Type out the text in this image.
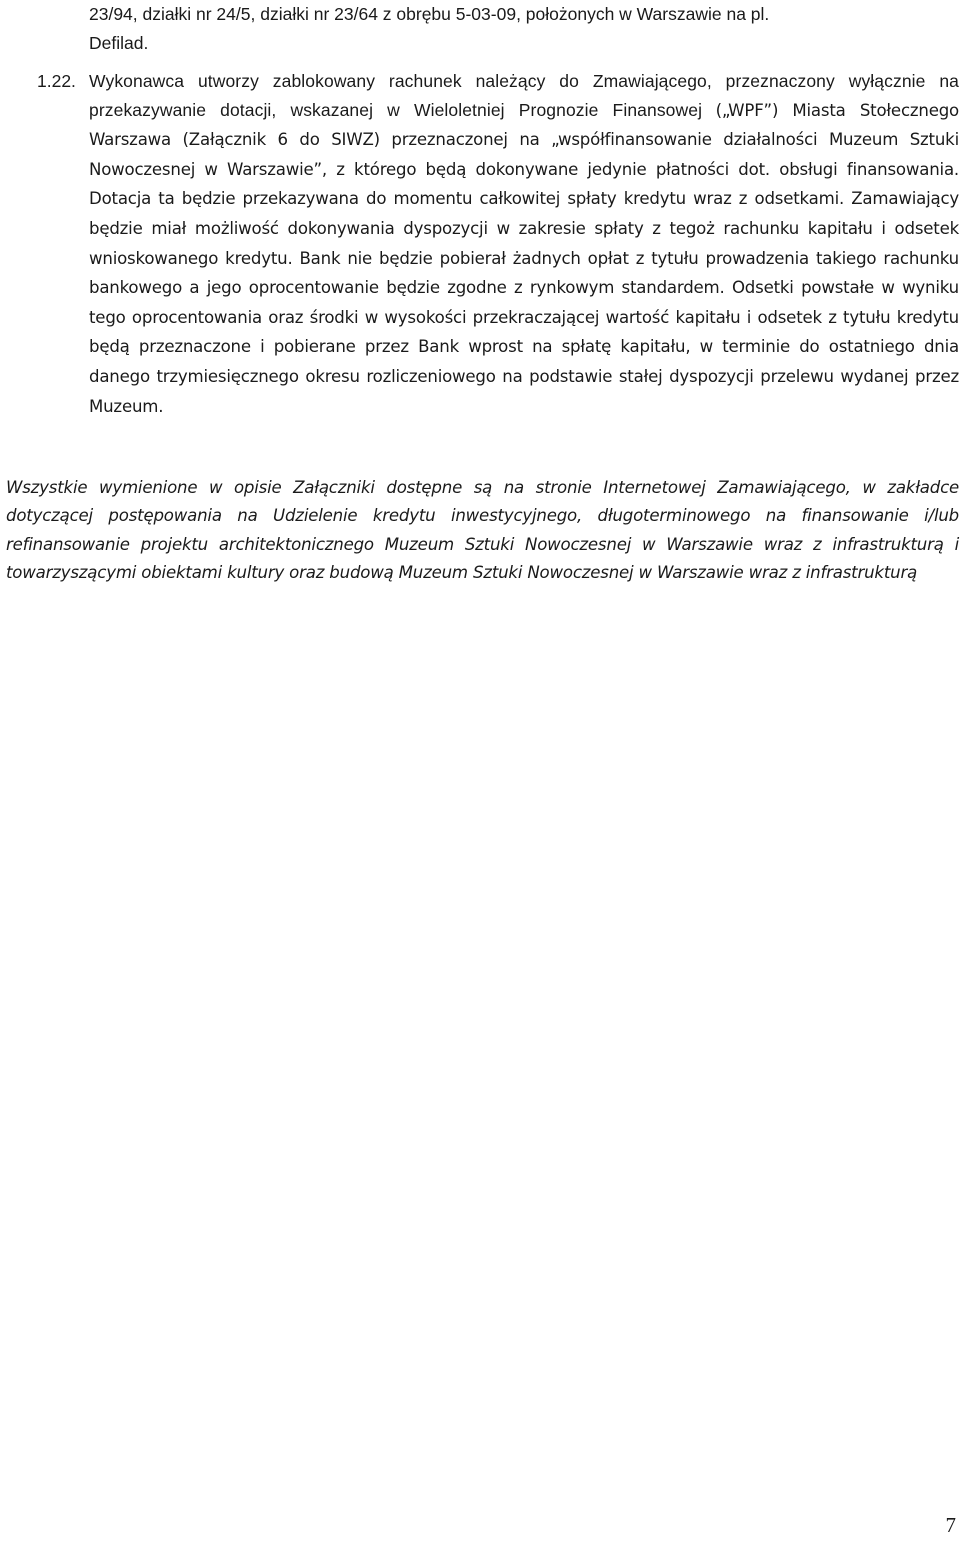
23/94, działki nr 24/5, działki nr 23/64 z obrębu 5-03-09, położonych w Warszawie na pl.
Defilad.

1.22. Wykonawca utworzy zablokowany rachunek należący do Zmawiającego, przeznaczony wyłącznie na przekazywanie dotacji, wskazanej w Wieloletniej Prognozie Finansowej („WPF”) Miasta Stołecznego Warszawa (Załącznik 6 do SIWZ) przeznaczonej na „współfinansowanie działalności Muzeum Sztuki Nowoczesnej w Warszawie”, z którego będą dokonywane jedynie płatności dot. obsługi finansowania. Dotacja ta będzie przekazywana do momentu całkowitej spłaty kredytu wraz z odsetkami. Zamawiający będzie miał możliwość dokonywania dyspozycji w zakresie spłaty z tegoż rachunku kapitału i odsetek wnioskowanego kredytu. Bank nie będzie pobierał żadnych opłat z tytułu prowadzenia takiego rachunku bankowego a jego oprocentowanie będzie zgodne z rynkowym standardem. Odsetki powstałe w wyniku tego oprocentowania oraz środki w wysokości przekraczającej wartość kapitału i odsetek z tytułu kredytu będą przeznaczone i pobierane przez Bank wprost na spłatę kapitału, w terminie do ostatniego dnia danego trzymiesięcznego okresu rozliczeniowego na podstawie stałej dyspozycji przelewu wydanej przez Muzeum.

Wszystkie wymienione w opisie Załączniki dostępne są na stronie Internetowej Zamawiającego, w zakładce dotyczącej postępowania na Udzielenie kredytu inwestycyjnego, długoterminowego na finansowanie i/lub refinansowanie projektu architektonicznego Muzeum Sztuki Nowoczesnej w Warszawie wraz z infrastrukturą i towarzyszącymi obiektami kultury oraz budową Muzeum Sztuki Nowoczesnej w Warszawie wraz z infrastrukturą

7
